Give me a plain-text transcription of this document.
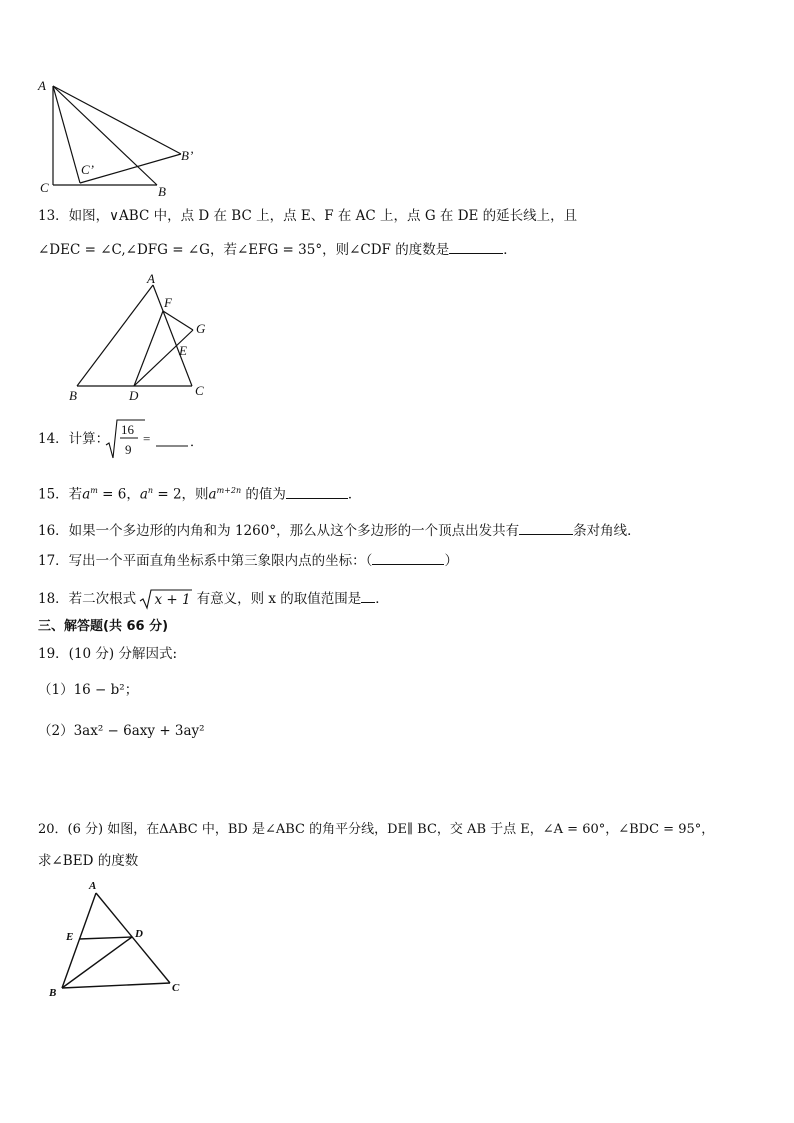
A
C	B
B’
C’
13．如图，∨ABC 中，点 D 在 BC 上，点 E、F 在 AC 上，点 G 在 DE 的延长线上，且
∠DEC = ∠C,∠DFG = ∠G，若∠EFG = 35°，则∠CDF 的度数是	．
A
F
G
E
B	D	C
14．计算：
16
9
=	．
15．若$a^m = 6$，$a^n = 2$，则$a^{m+2n}$ 的值为	．
16．如果一个多边形的内角和为 1260°，那么从这个多边形的一个顶点出发共有	条对角线．
17．写出一个平面直角坐标系中第三象限内点的坐标：（	）
18．若二次根式 x + 1 有意义，则 x 的取值范围是 ．
三、解答题(共 66 分)
19．(10 分) 分解因式:
（1）16 − b²；
（2）3ax² − 6axy + 3ay²
20．(6 分) 如图，在ΔABC 中，BD 是∠ABC 的角平分线，DE∥ BC，交 AB 于点 E，∠A = 60°，∠BDC = 95°，
求∠BED 的度数
A
E	D
B	C
